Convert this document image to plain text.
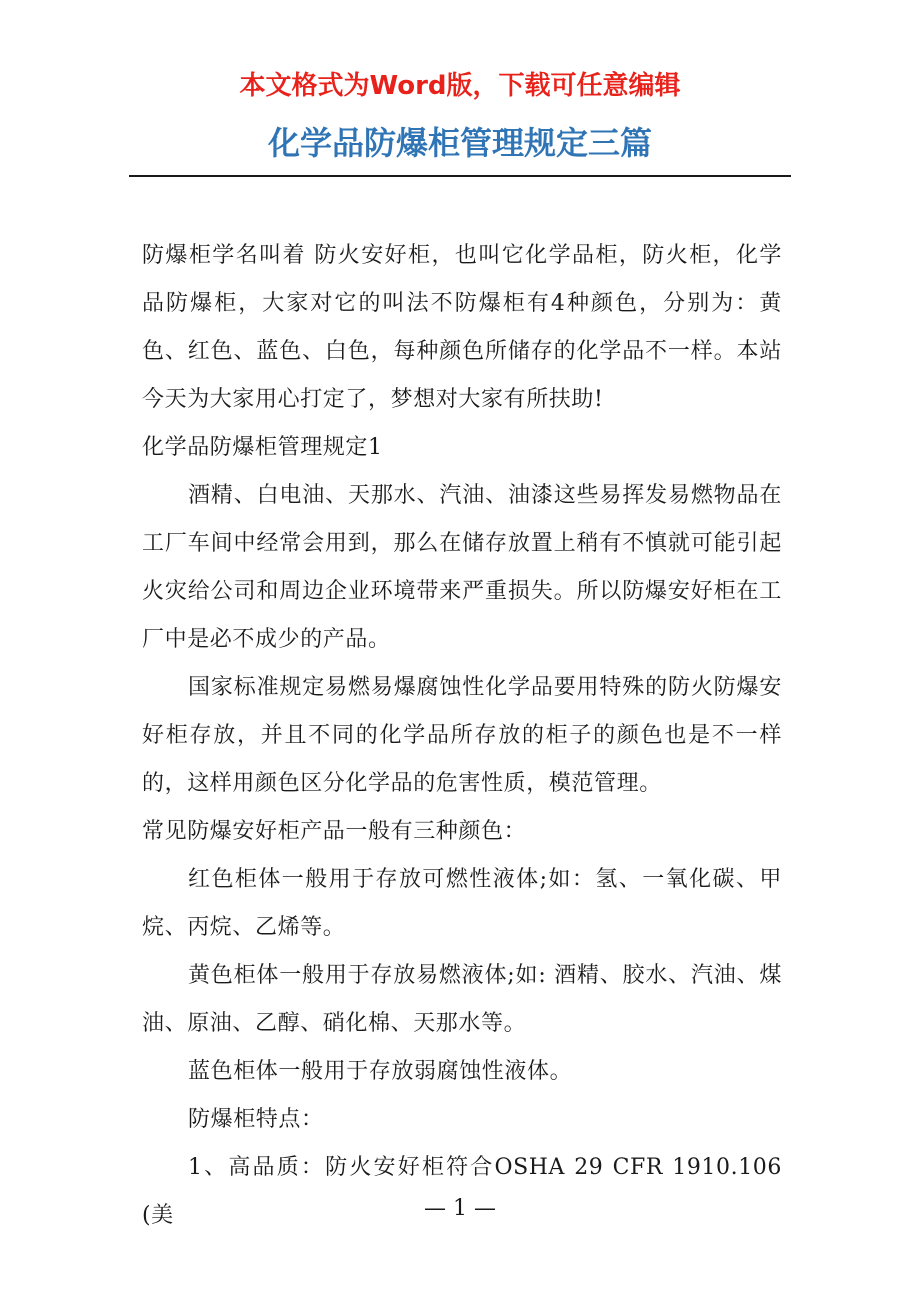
本文格式为Word版，下载可任意编辑
化学品防爆柜管理规定三篇

防爆柜学名叫着 防火安好柜，也叫它化学品柜，防火柜，化学品防爆柜，大家对它的叫法不防爆柜有4种颜色，分别为：黄色、红色、蓝色、白色，每种颜色所储存的化学品不一样。本站今天为大家用心打定了，梦想对大家有所扶助!

化学品防爆柜管理规定1

酒精、白电油、天那水、汽油、油漆这些易挥发易燃物品在工厂车间中经常会用到，那么在储存放置上稍有不慎就可能引起火灾给公司和周边企业环境带来严重损失。所以防爆安好柜在工厂中是必不成少的产品。

国家标准规定易燃易爆腐蚀性化学品要用特殊的防火防爆安好柜存放，并且不同的化学品所存放的柜子的颜色也是不一样的，这样用颜色区分化学品的危害性质，模范管理。

常见防爆安好柜产品一般有三种颜色：

红色柜体一般用于存放可燃性液体;如：氢、一氧化碳、甲烷、丙烷、乙烯等。

黄色柜体一般用于存放易燃液体;如: 酒精、胶水、汽油、煤油、原油、乙醇、硝化棉、天那水等。

蓝色柜体一般用于存放弱腐蚀性液体。

防爆柜特点：

1、高品质：防火安好柜符合OSHA 29 CFR 1910.106 (美	— 1 —
